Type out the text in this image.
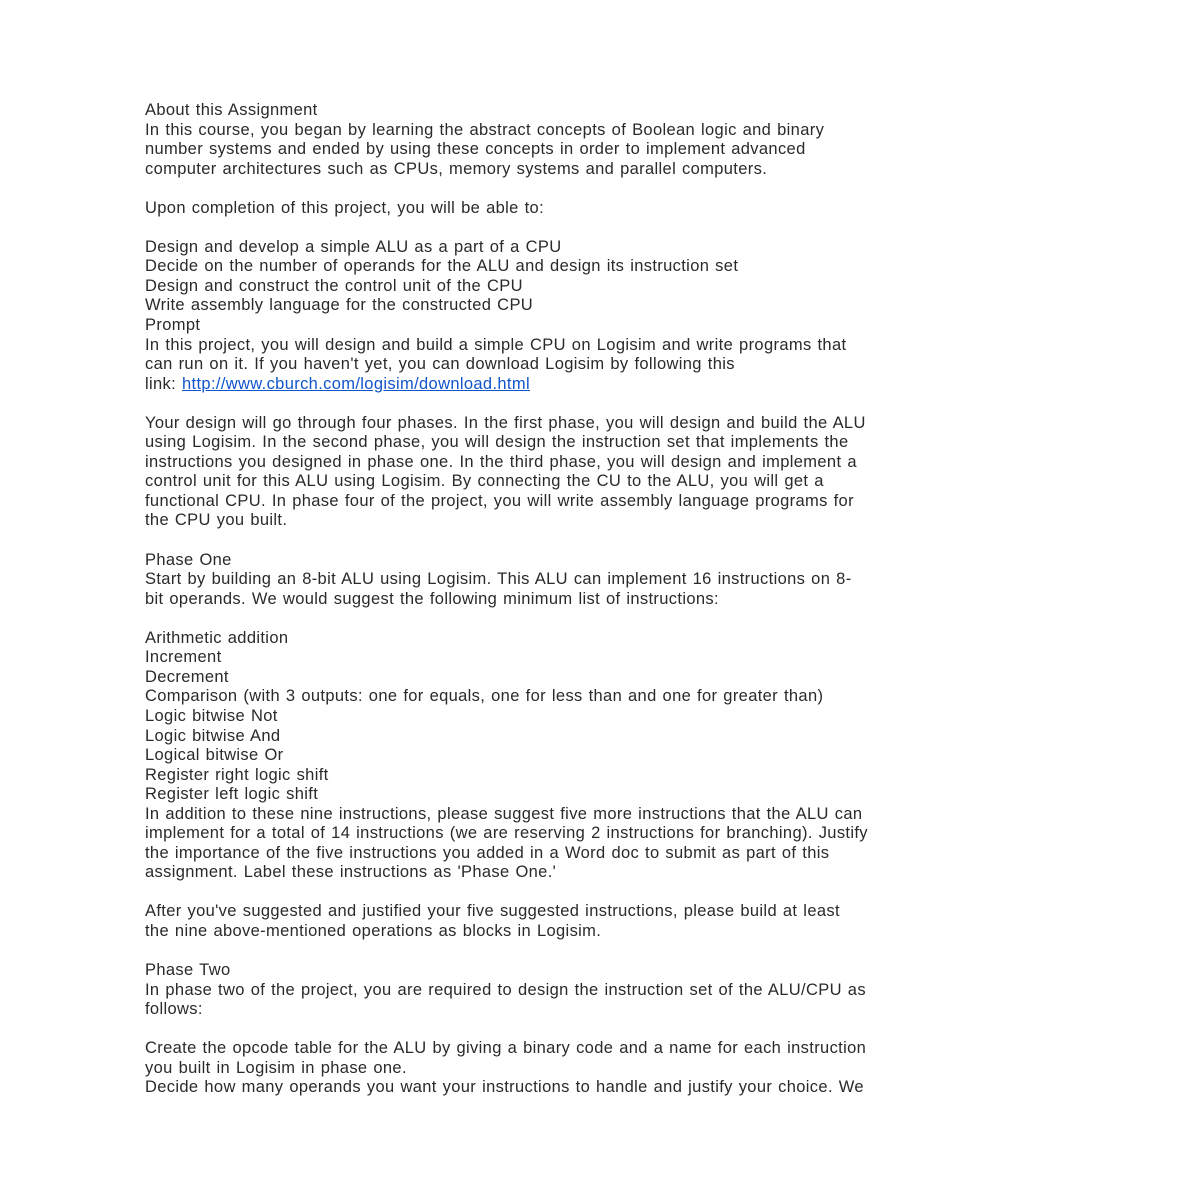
About this Assignment
In this course, you began by learning the abstract concepts of Boolean logic and binary
number systems and ended by using these concepts in order to implement advanced
computer architectures such as CPUs, memory systems and parallel computers.
Upon completion of this project, you will be able to:
Design and develop a simple ALU as a part of a CPU
Decide on the number of operands for the ALU and design its instruction set
Design and construct the control unit of the CPU
Write assembly language for the constructed CPU
Prompt
In this project, you will design and build a simple CPU on Logisim and write programs that
can run on it. If you haven't yet, you can download Logisim by following this
link: http://www.cburch.com/logisim/download.html
Your design will go through four phases. In the first phase, you will design and build the ALU
using Logisim. In the second phase, you will design the instruction set that implements the
instructions you designed in phase one. In the third phase, you will design and implement a
control unit for this ALU using Logisim. By connecting the CU to the ALU, you will get a
functional CPU. In phase four of the project, you will write assembly language programs for
the CPU you built.
Phase One
Start by building an 8-bit ALU using Logisim. This ALU can implement 16 instructions on 8-
bit operands. We would suggest the following minimum list of instructions:
Arithmetic addition
Increment
Decrement
Comparison (with 3 outputs: one for equals, one for less than and one for greater than)
Logic bitwise Not
Logic bitwise And
Logical bitwise Or
Register right logic shift
Register left logic shift
In addition to these nine instructions, please suggest five more instructions that the ALU can
implement for a total of 14 instructions (we are reserving 2 instructions for branching). Justify
the importance of the five instructions you added in a Word doc to submit as part of this
assignment. Label these instructions as 'Phase One.'
After you've suggested and justified your five suggested instructions, please build at least
the nine above-mentioned operations as blocks in Logisim.
Phase Two
In phase two of the project, you are required to design the instruction set of the ALU/CPU as
follows:
Create the opcode table for the ALU by giving a binary code and a name for each instruction
you built in Logisim in phase one.
Decide how many operands you want your instructions to handle and justify your choice. We
